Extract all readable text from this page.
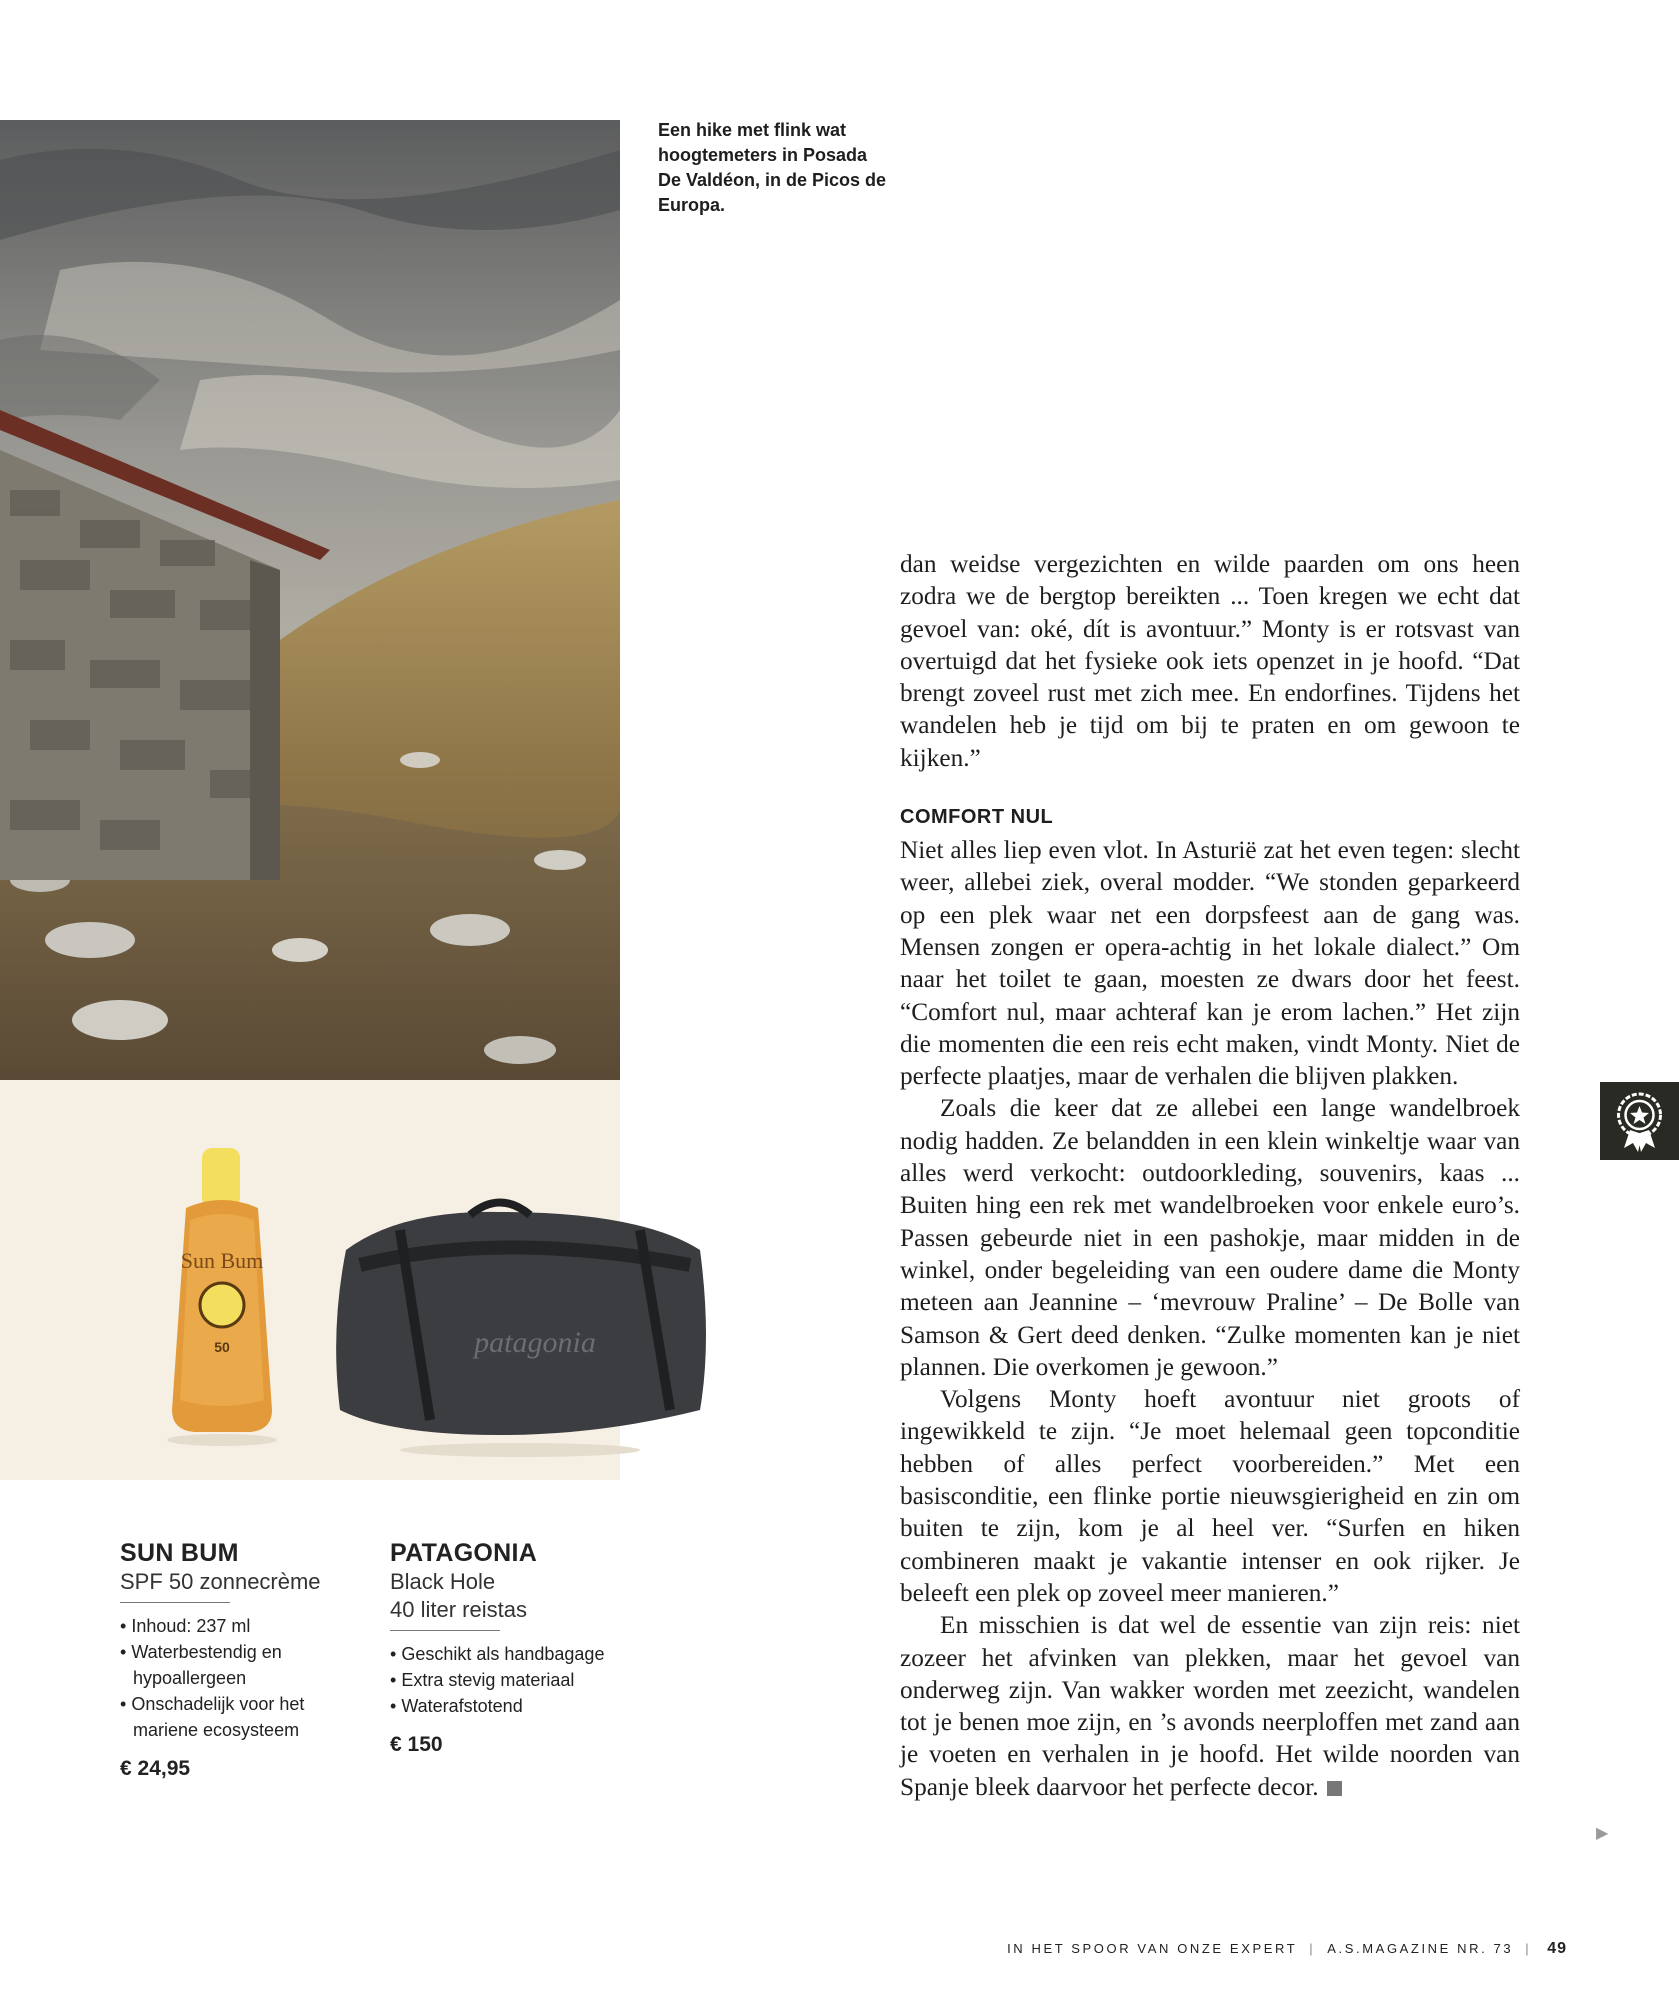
Een hike met flink wat hoogtemeters in Posada De Valdéon, in de Picos de Europa.
Sun Bum
50	patagonia
SUN BUM
SPF 50 zonnecrème
• Inhoud: 237 ml
• Waterbestendig en hypoallergeen
• Onschadelijk voor het mariene ecosysteem
€ 24,95
PATAGONIA
Black Hole
40 liter reistas
• Geschikt als handbagage
• Extra stevig materiaal
• Waterafstotend
€ 150

dan weidse vergezichten en wilde paarden om ons heen zodra we de bergtop bereikten ... Toen kregen we echt dat gevoel van: oké, dít is avontuur.” Monty is er rotsvast van overtuigd dat het fysieke ook iets openzet in je hoofd. “Dat brengt zoveel rust met zich mee. En endorfines. Tijdens het wandelen heb je tijd om bij te praten en om gewoon te kijken.”

COMFORT NUL

Niet alles liep even vlot. In Asturië zat het even tegen: slecht weer, allebei ziek, overal modder. “We stonden geparkeerd op een plek waar net een dorpsfeest aan de gang was. Mensen zongen er opera-achtig in het lokale dialect.” Om naar het toilet te gaan, moesten ze dwars door het feest. “Comfort nul, maar achteraf kan je erom lachen.” Het zijn die momenten die een reis echt maken, vindt Monty. Niet de perfecte plaatjes, maar de verhalen die blijven plakken.

Zoals die keer dat ze allebei een lange wandelbroek nodig hadden. Ze belandden in een klein winkeltje waar van alles werd verkocht: outdoorkleding, souvenirs, kaas ... Buiten hing een rek met wandelbroeken voor enkele euro’s. Passen gebeurde niet in een pashokje, maar midden in de winkel, onder begeleiding van een oudere dame die Monty meteen aan Jeannine – ‘mevrouw Praline’ – De Bolle van Samson & Gert deed denken. “Zulke momenten kan je niet plannen. Die overkomen je gewoon.”

Volgens Monty hoeft avontuur niet groots of ingewikkeld te zijn. “Je moet helemaal geen topconditie hebben of alles perfect voorbereiden.” Met een basisconditie, een flinke portie nieuwsgierigheid en zin om buiten te zijn, kom je al heel ver. “Surfen en hiken combineren maakt je vakantie intenser en ook rijker. Je beleeft een plek op zoveel meer manieren.”

En misschien is dat wel de essentie van zijn reis: niet zozeer het afvinken van plekken, maar het gevoel van onderweg zijn. Van wakker worden met zeezicht, wandelen tot je benen moe zijn, en ’s avonds neerploffen met zand aan je voeten en verhalen in je hoofd. Het wilde noorden van Spanje bleek daarvoor het perfecte decor.

▶
IN HET SPOOR VAN ONZE EXPERT | A.S.MAGAZINE NR. 73 | 49
